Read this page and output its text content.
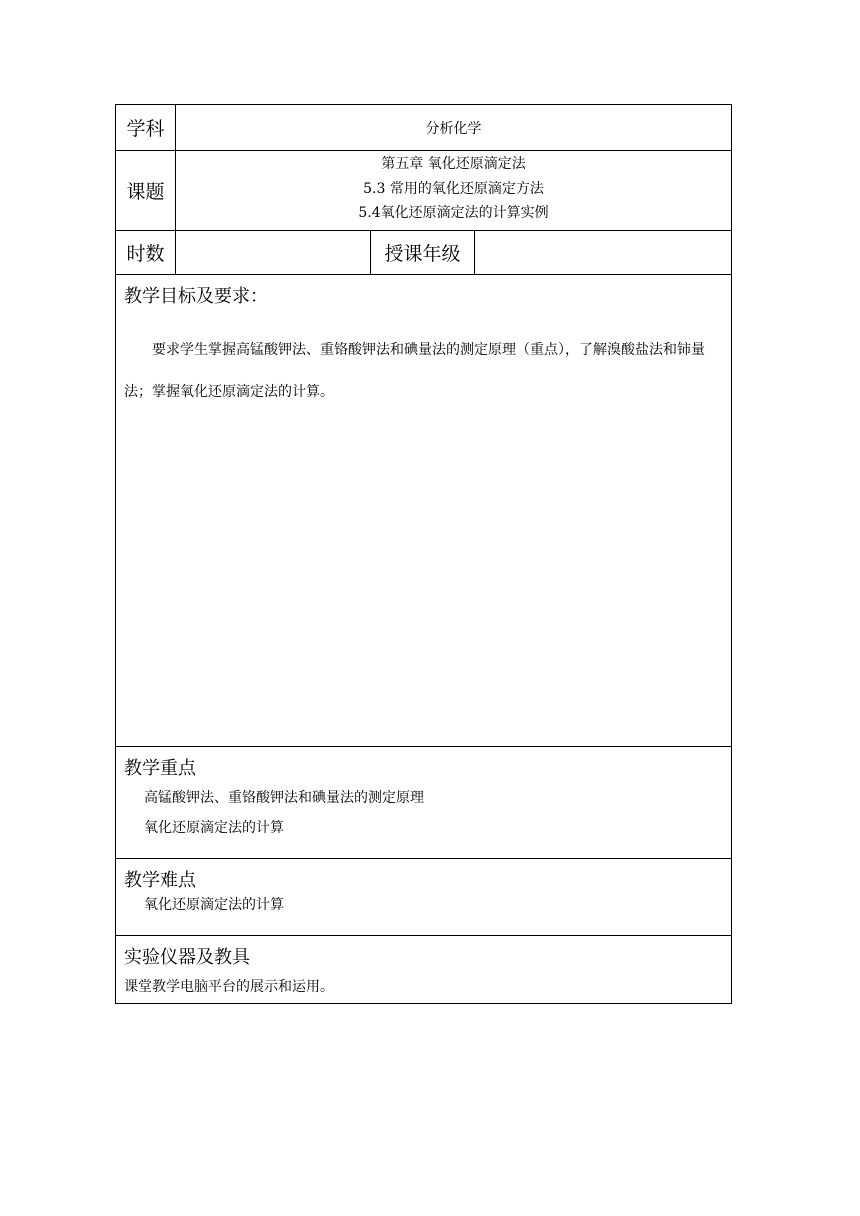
学科	分析化学		
课题	第五章 氧化还原滴定法
5.3 常用的氧化还原滴定方法
5.4氧化还原滴定法的计算实例		

时数		授课年级	

教学目标及要求：
要求学生掌握高锰酸钾法、重铬酸钾法和碘量法的测定原理（重点），了解溴酸盐法和铈量法；掌握氧化还原滴定法的计算。			

教学重点
高锰酸钾法、重铬酸钾法和碘量法的测定原理
氧化还原滴定法的计算			

教学难点
氧化还原滴定法的计算			

实验仪器及教具
课堂教学电脑平台的展示和运用。			
